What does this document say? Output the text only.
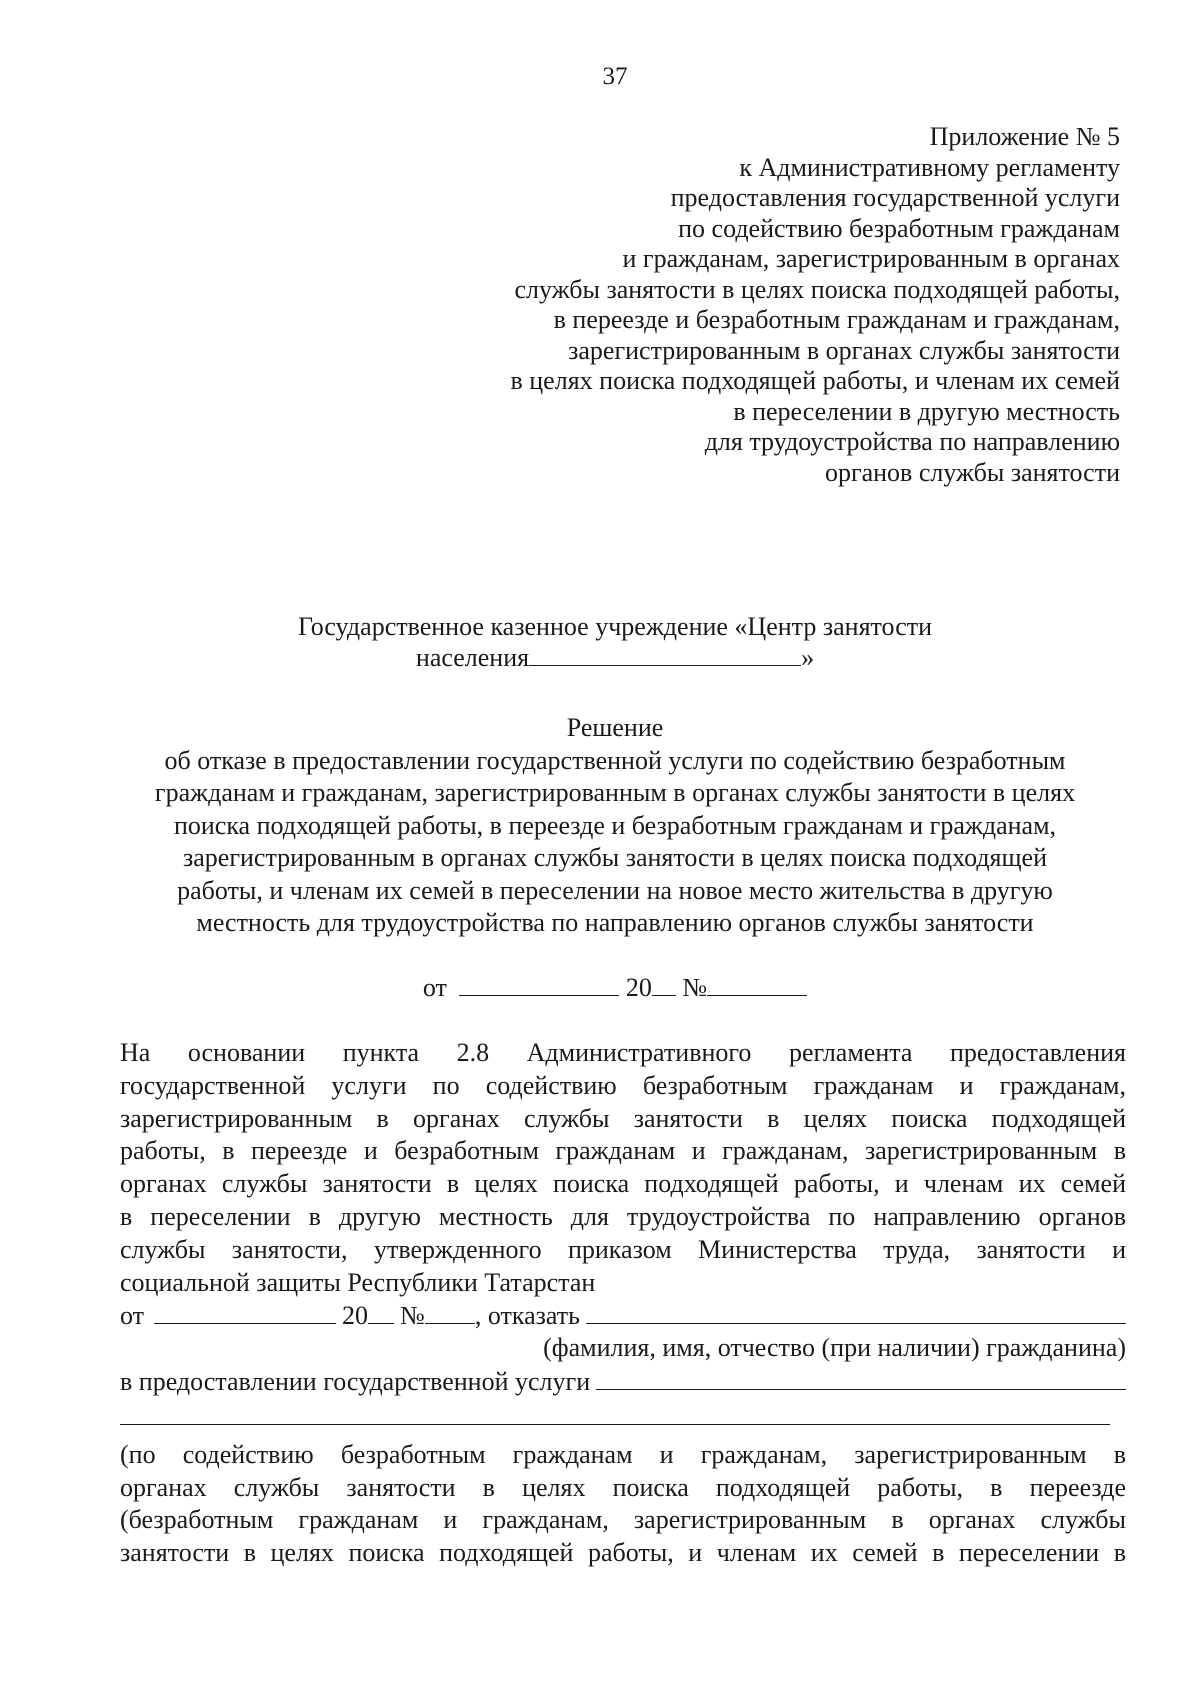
37
Приложение № 5
к Административному регламенту
предоставления государственной услуги
по содействию безработным гражданам
и гражданам, зарегистрированным в органах
службы занятости в целях поиска подходящей работы,
в переезде и безработным гражданам и гражданам,
зарегистрированным в органах службы занятости
в целях поиска подходящей работы, и членам их семей
в переселении в другую местность
для трудоустройства по направлению
органов службы занятости
Государственное казенное учреждение «Центр занятости
населения	»
Решение
об отказе в предоставлении государственной услуги по содействию безработным
гражданам и гражданам, зарегистрированным в органах службы занятости в целях
поиска подходящей работы, в переезде и безработным гражданам и гражданам,
зарегистрированным в органах службы занятости в целях поиска подходящей
работы, и членам их семей в переселении на новое место жительства в другую
местность для трудоустройства по направлению органов службы занятости
от	20 №
На основании пункта 2.8 Административного регламента предоставления
государственной услуги по содействию безработным гражданам и гражданам,
зарегистрированным в органах службы занятости в целях поиска подходящей
работы, в переезде и безработным гражданам и гражданам, зарегистрированным в
органах службы занятости в целях поиска подходящей работы, и членам их семей
в переселении в другую местность для трудоустройства по направлению органов
службы занятости, утвержденного приказом Министерства труда, занятости и
социальной защиты Республики Татарстан
от	20 № , отказать
(фамилия, имя, отчество (при наличии) гражданина)
в предоставлении государственной услуги
(по содействию безработным гражданам и гражданам, зарегистрированным в
органах службы занятости в целях поиска подходящей работы, в переезде
(безработным гражданам и гражданам, зарегистрированным в органах службы
занятости в целях поиска подходящей работы, и членам их семей в переселении в
